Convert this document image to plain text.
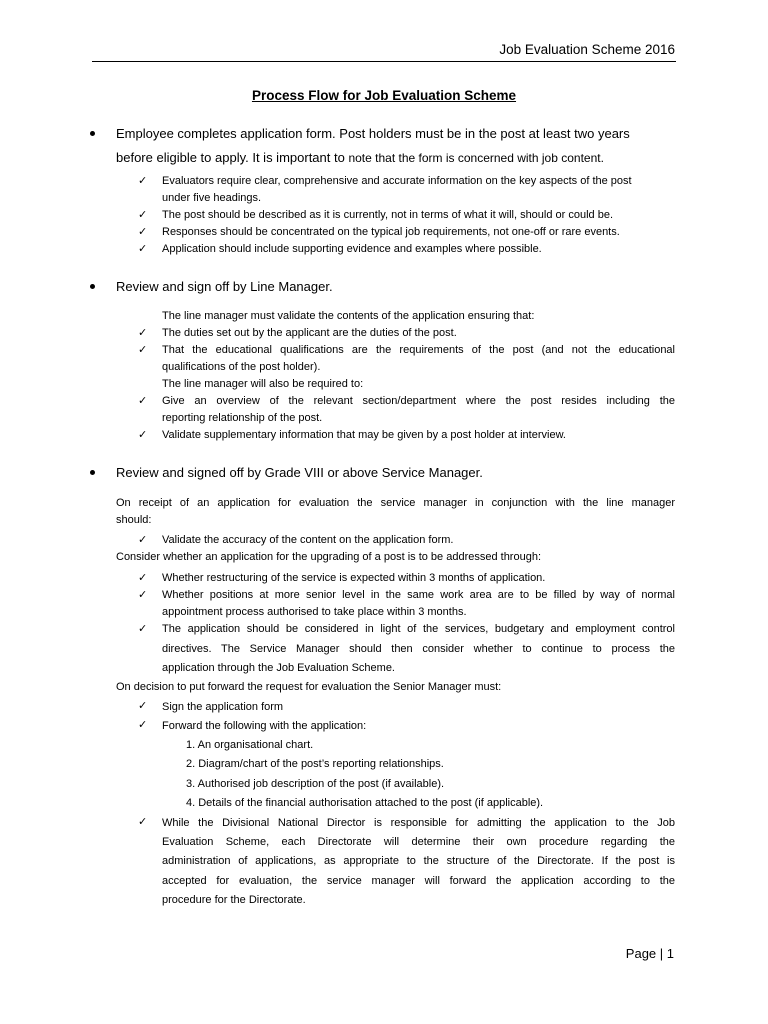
Job Evaluation Scheme 2016
Process Flow for Job Evaluation Scheme
Employee completes application form. Post holders must be in the post at least two years
before eligible to apply. It is important to note that the form is concerned with job content.
✓ Evaluators require clear, comprehensive and accurate information on the key aspects of the post
under five headings.
✓ The post should be described as it is currently, not in terms of what it will, should or could be.
✓ Responses should be concentrated on the typical job requirements, not one-off or rare events.
✓ Application should include supporting evidence and examples where possible.
Review and sign off by Line Manager.
The line manager must validate the contents of the application ensuring that:
✓ The duties set out by the applicant are the duties of the post.
✓ That the educational qualifications are the requirements of the post (and not the educational
qualifications of the post holder).
The line manager will also be required to:
✓ Give an overview of the relevant section/department where the post resides including the
reporting relationship of the post.
✓ Validate supplementary information that may be given by a post holder at interview.
Review and signed off by Grade VIII or above Service Manager.
On receipt of an application for evaluation the service manager in conjunction with the line manager
should:
✓ Validate the accuracy of the content on the application form.
Consider whether an application for the upgrading of a post is to be addressed through:
✓ Whether restructuring of the service is expected within 3 months of application.
✓ Whether positions at more senior level in the same work area are to be filled by way of normal
appointment process authorised to take place within 3 months.
✓ The application should be considered in light of the services, budgetary and employment control
directives. The Service Manager should then consider whether to continue to process the
application through the Job Evaluation Scheme.
On decision to put forward the request for evaluation the Senior Manager must:
✓ Sign the application form
✓ Forward the following with the application:
1. An organisational chart.
2. Diagram/chart of the post’s reporting relationships.
3. Authorised job description of the post (if available).
4. Details of the financial authorisation attached to the post (if applicable).
✓ While the Divisional National Director is responsible for admitting the application to the Job
Evaluation Scheme, each Directorate will determine their own procedure regarding the
administration of applications, as appropriate to the structure of the Directorate. If the post is
accepted for evaluation, the service manager will forward the application according to the
procedure for the Directorate.
Page | 1
